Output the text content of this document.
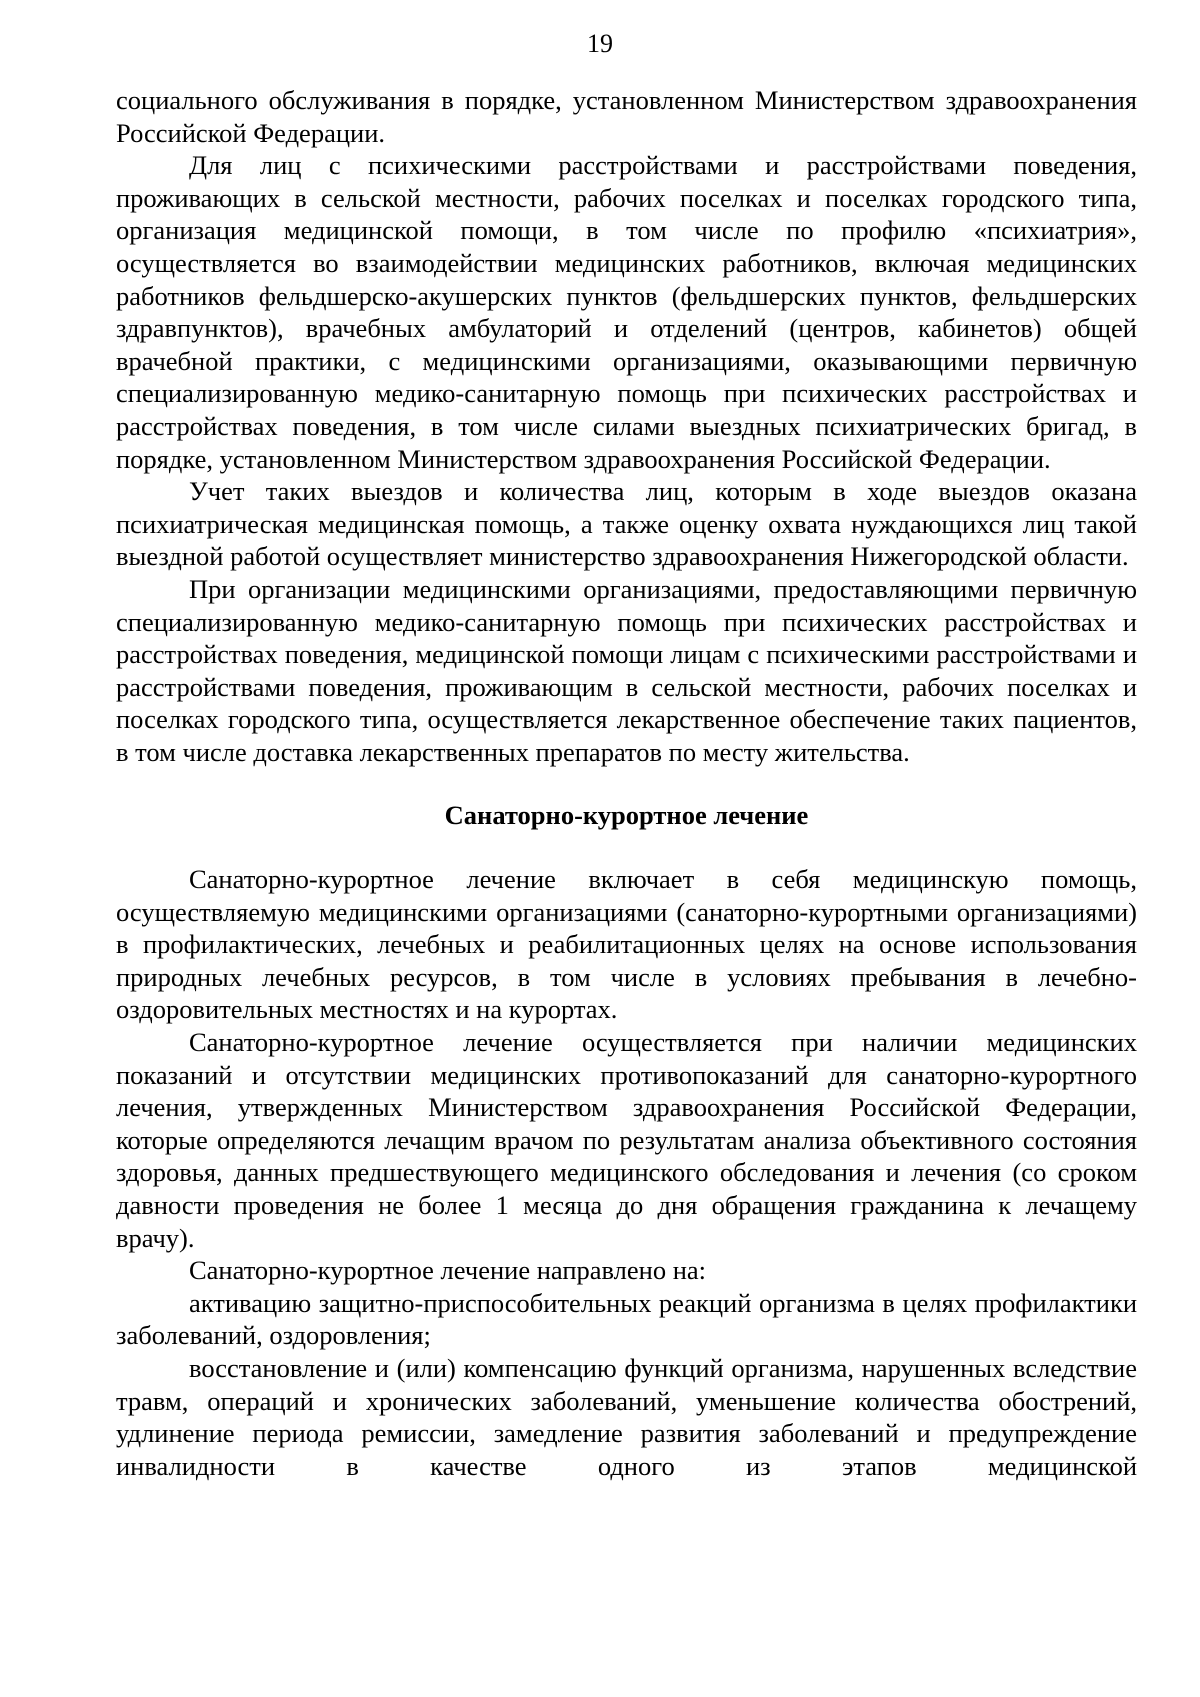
19

социального обслуживания в порядке, установленном Министерством здравоохранения Российской Федерации.

Для лиц с психическими расстройствами и расстройствами поведения, проживающих в сельской местности, рабочих поселках и поселках городского типа, организация медицинской помощи, в том числе по профилю «психиатрия», осуществляется во взаимодействии медицинских работников, включая медицинских работников фельдшерско-акушерских пунктов (фельдшерских пунктов, фельдшерских здравпунктов), врачебных амбулаторий и отделений (центров, кабинетов) общей врачебной практики, с медицинскими организациями, оказывающими первичную специализированную медико-санитарную помощь при психических расстройствах и расстройствах поведения, в том числе силами выездных психиатрических бригад, в порядке, установленном Министерством здравоохранения Российской Федерации.

Учет таких выездов и количества лиц, которым в ходе выездов оказана психиатрическая медицинская помощь, а также оценку охвата нуждающихся лиц такой выездной работой осуществляет министерство здравоохранения Нижегородской области.

При организации медицинскими организациями, предоставляющими первичную специализированную медико-санитарную помощь при психических расстройствах и расстройствах поведения, медицинской помощи лицам с психическими расстройствами и расстройствами поведения, проживающим в сельской местности, рабочих поселках и поселках городского типа, осуществляется лекарственное обеспечение таких пациентов, в том числе доставка лекарственных препаратов по месту жительства.

Санаторно-курортное лечение

Санаторно-курортное лечение включает в себя медицинскую помощь, осуществляемую медицинскими организациями (санаторно-курортными организациями) в профилактических, лечебных и реабилитационных целях на основе использования природных лечебных ресурсов, в том числе в условиях пребывания в лечебно-оздоровительных местностях и на курортах.

Санаторно-курортное лечение осуществляется при наличии медицинских показаний и отсутствии медицинских противопоказаний для санаторно-курортного лечения, утвержденных Министерством здравоохранения Российской Федерации, которые определяются лечащим врачом по результатам анализа объективного состояния здоровья, данных предшествующего медицинского обследования и лечения (со сроком давности проведения не более 1 месяца до дня обращения гражданина к лечащему врачу).

Санаторно-курортное лечение направлено на:

активацию защитно-приспособительных реакций организма в целях профилактики заболеваний, оздоровления;

восстановление и (или) компенсацию функций организма, нарушенных вследствие травм, операций и хронических заболеваний, уменьшение количества обострений, удлинение периода ремиссии, замедление развития заболеваний и предупреждение инвалидности в качестве одного из этапов медицинской
